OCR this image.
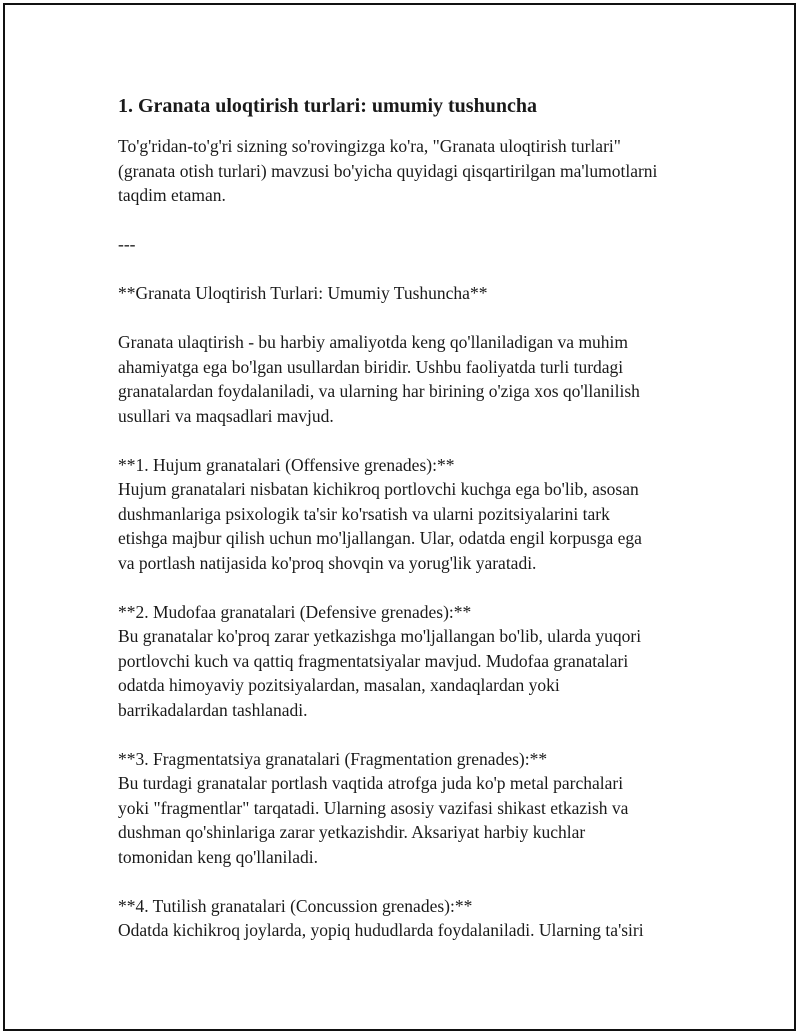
1. Granata uloqtirish turlari: umumiy tushuncha
To'g'ridan-to'g'ri sizning so'rovingizga ko'ra, "Granata uloqtirish turlari"
(granata otish turlari) mavzusi bo'yicha quyidagi qisqartirilgan ma'lumotlarni
taqdim etaman.
---
**Granata Uloqtirish Turlari: Umumiy Tushuncha**
Granata ulaqtirish - bu harbiy amaliyotda keng qo'llaniladigan va muhim
ahamiyatga ega bo'lgan usullardan biridir. Ushbu faoliyatda turli turdagi
granatalardan foydalaniladi, va ularning har birining o'ziga xos qo'llanilish
usullari va maqsadlari mavjud.
**1. Hujum granatalari (Offensive grenades):**
Hujum granatalari nisbatan kichikroq portlovchi kuchga ega bo'lib, asosan
dushmanlariga psixologik ta'sir ko'rsatish va ularni pozitsiyalarini tark
etishga majbur qilish uchun mo'ljallangan. Ular, odatda engil korpusga ega
va portlash natijasida ko'proq shovqin va yorug'lik yaratadi.
**2. Mudofaa granatalari (Defensive grenades):**
Bu granatalar ko'proq zarar yetkazishga mo'ljallangan bo'lib, ularda yuqori
portlovchi kuch va qattiq fragmentatsiyalar mavjud. Mudofaa granatalari
odatda himoyaviy pozitsiyalardan, masalan, xandaqlardan yoki
barrikadalardan tashlanadi.
**3. Fragmentatsiya granatalari (Fragmentation grenades):**
Bu turdagi granatalar portlash vaqtida atrofga juda ko'p metal parchalari
yoki "fragmentlar" tarqatadi. Ularning asosiy vazifasi shikast etkazish va
dushman qo'shinlariga zarar yetkazishdir. Aksariyat harbiy kuchlar
tomonidan keng qo'llaniladi.
**4. Tutilish granatalari (Concussion grenades):**
Odatda kichikroq joylarda, yopiq hududlarda foydalaniladi. Ularning ta'siri
